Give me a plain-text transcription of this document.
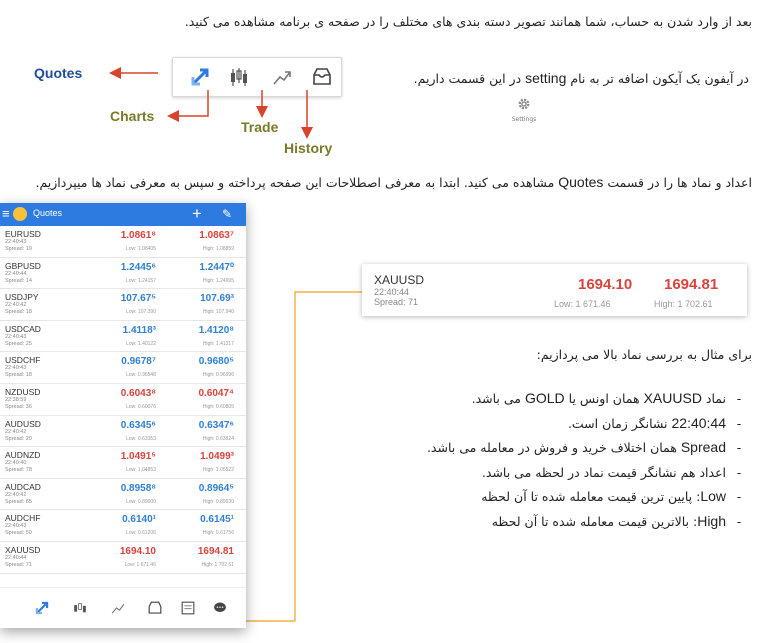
بعد از وارد شدن به حساب، شما همانند تصویر دسته بندی های مختلف را در صفحه ی برنامه مشاهده می کنید.

Quotes
Charts
Trade
History

در آیفون یک آیکون اضافه تر به نام setting در این قسمت داریم.

Settings

اعداد و نماد ها را در قسمت Quotes مشاهده می کنید. ابتدا به معرفی اصطلاحات این صفحه پرداخته و سپس به معرفی نماد ها میپردازیم.

≡	Quotes	+ ✎
EURUSD
22:40:43
Spread: 19
1.0861⁸	1.0863⁷
Low: 1.08405	High: 1.08859
GBPUSD
22:40:44
Spread: 14
1.2445⁶	1.2447⁰
Low: 1.24157	High: 1.24995
USDJPY
22:40:42
Spread: 18
107.67⁵	107.69³
Low: 107.390	High: 107.940
USDCAD
22:40:43
Spread: 25
1.4118³	1.4120⁸
Low: 1.40122	High: 1.41317
USDCHF
22:40:43
Spread: 18
0.9678⁷	0.9680⁵
Low: 0.96548	High: 0.96996
NZDUSD
22:38:59
Spread: 36
0.6043⁸	0.6047⁴
Low: 0.60076	High: 0.60805
AUDUSD
22:40:42
Spread: 20
0.6345⁶	0.6347⁶
Low: 0.63353	High: 0.63924
AUDNZD
22:40:40
Spread: 78
1.0491⁵	1.0499³
Low: 1.04853	High: 1.05522
AUDCAD
22:40:42
Spread: 65
0.8958⁸	0.8964⁵
Low: 0.89000	High: 0.89930
AUDCHF
22:40:43
Spread: 50
0.6140¹	0.6145¹
Low: 0.61206	High: 0.61756
XAUUSD
22:40:44
Spread: 71
1694.10	1694.81
Low: 1 671.46	High: 1 702.61
XAUUSD
22:40:44
Spread: 71
1694.10 1694.81
Low: 1 671.46	High: 1 702.61

برای مثال به بررسی نماد بالا می پردازیم:

- نماد XAUUSD همان اونس یا GOLD می باشد.
- 22:40:44 نشانگر زمان است.
- Spread همان اختلاف خرید و فروش در معامله می باشد.
- اعداد هم نشانگر قیمت نماد در لحظه می باشد.
- Low: پایین ترین قیمت معامله شده تا آن لحظه
- High: بالاترین قیمت معامله شده تا آن لحظه
